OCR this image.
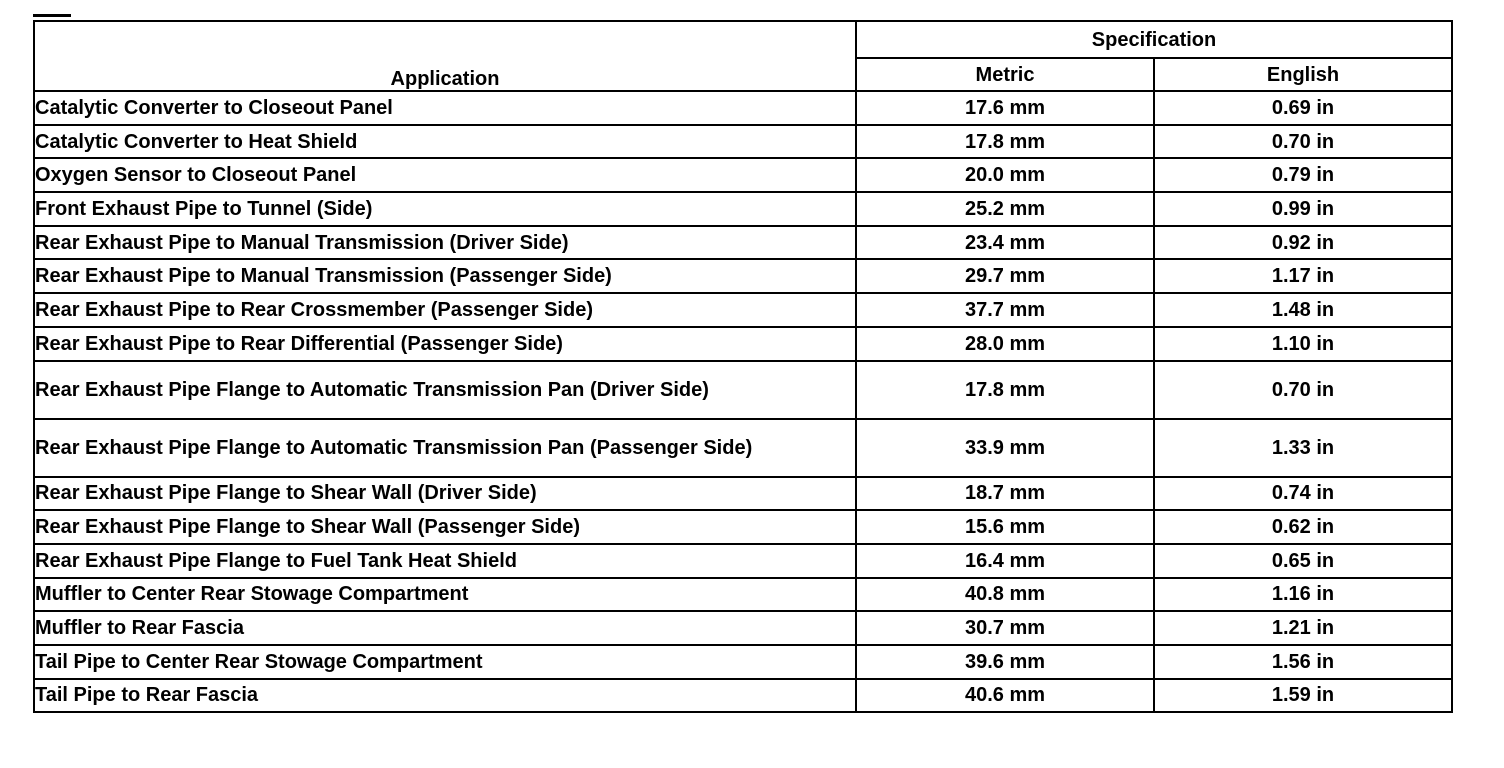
Application	Specification	
	Metric	English
Catalytic Converter to Closeout Panel	17.6 mm	0.69 in
Catalytic Converter to Heat Shield	17.8 mm	0.70 in
Oxygen Sensor to Closeout Panel	20.0 mm	0.79 in
Front Exhaust Pipe to Tunnel (Side)	25.2 mm	0.99 in
Rear Exhaust Pipe to Manual Transmission (Driver Side)	23.4 mm	0.92 in
Rear Exhaust Pipe to Manual Transmission (Passenger Side)	29.7 mm	1.17 in
Rear Exhaust Pipe to Rear Crossmember (Passenger Side)	37.7 mm	1.48 in
Rear Exhaust Pipe to Rear Differential (Passenger Side)	28.0 mm	1.10 in
Rear Exhaust Pipe Flange to Automatic Transmission Pan (Driver Side)	17.8 mm	0.70 in
Rear Exhaust Pipe Flange to Automatic Transmission Pan (Passenger Side)	33.9 mm	1.33 in
Rear Exhaust Pipe Flange to Shear Wall (Driver Side)	18.7 mm	0.74 in
Rear Exhaust Pipe Flange to Shear Wall (Passenger Side)	15.6 mm	0.62 in
Rear Exhaust Pipe Flange to Fuel Tank Heat Shield	16.4 mm	0.65 in
Muffler to Center Rear Stowage Compartment	40.8 mm	1.16 in
Muffler to Rear Fascia	30.7 mm	1.21 in
Tail Pipe to Center Rear Stowage Compartment	39.6 mm	1.56 in
Tail Pipe to Rear Fascia	40.6 mm	1.59 in
